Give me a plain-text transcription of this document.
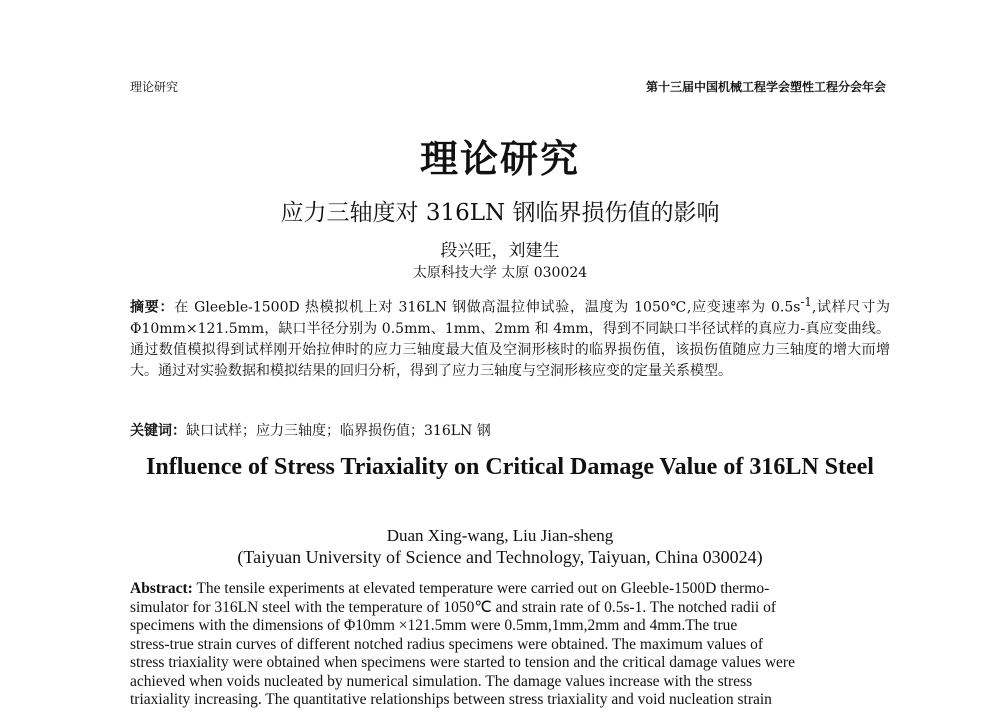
理论研究	第十三届中国机械工程学会塑性工程分会年会
理论研究
应力三轴度对 316LN 钢临界损伤值的影响
段兴旺，刘建生
太原科技大学 太原 030024

摘要：在 Gleeble-1500D 热模拟机上对 316LN 钢做高温拉伸试验，温度为 1050℃,应变速率为 $0.5s^{-1}$,试样尺寸为 Φ10mm×121.5mm，缺口半径分别为 0.5mm、1mm、2mm 和 4mm，得到不同缺口半径试样的真应力-真应变曲线。通过数值模拟得到试样刚开始拉伸时的应力三轴度最大值及空洞形核时的临界损伤值，该损伤值随应力三轴度的增大而增大。通过对实验数据和模拟结果的回归分析，得到了应力三轴度与空洞形核应变的定量关系模型。

关键词：缺口试样；应力三轴度；临界损伤值；316LN 钢

Influence of Stress Triaxiality on Critical Damage Value of 316LN Steel
Duan Xing-wang, Liu Jian-sheng
(Taiyuan University of Science and Technology, Taiyuan, China 030024)

Abstract: The tensile experiments at elevated temperature were carried out on Gleeble-1500D thermo-
simulator for 316LN steel with the temperature of 1050℃ and strain rate of 0.5s-1. The notched radii of
specimens with the dimensions of Φ10mm ×121.5mm were 0.5mm,1mm,2mm and 4mm.The true
stress-true strain curves of different notched radius specimens were obtained. The maximum values of
stress triaxiality were obtained when specimens were started to tension and the critical damage values were
achieved when voids nucleated by numerical simulation. The damage values increase with the stress
triaxiality increasing. The quantitative relationships between stress triaxiality and void nucleation strain
